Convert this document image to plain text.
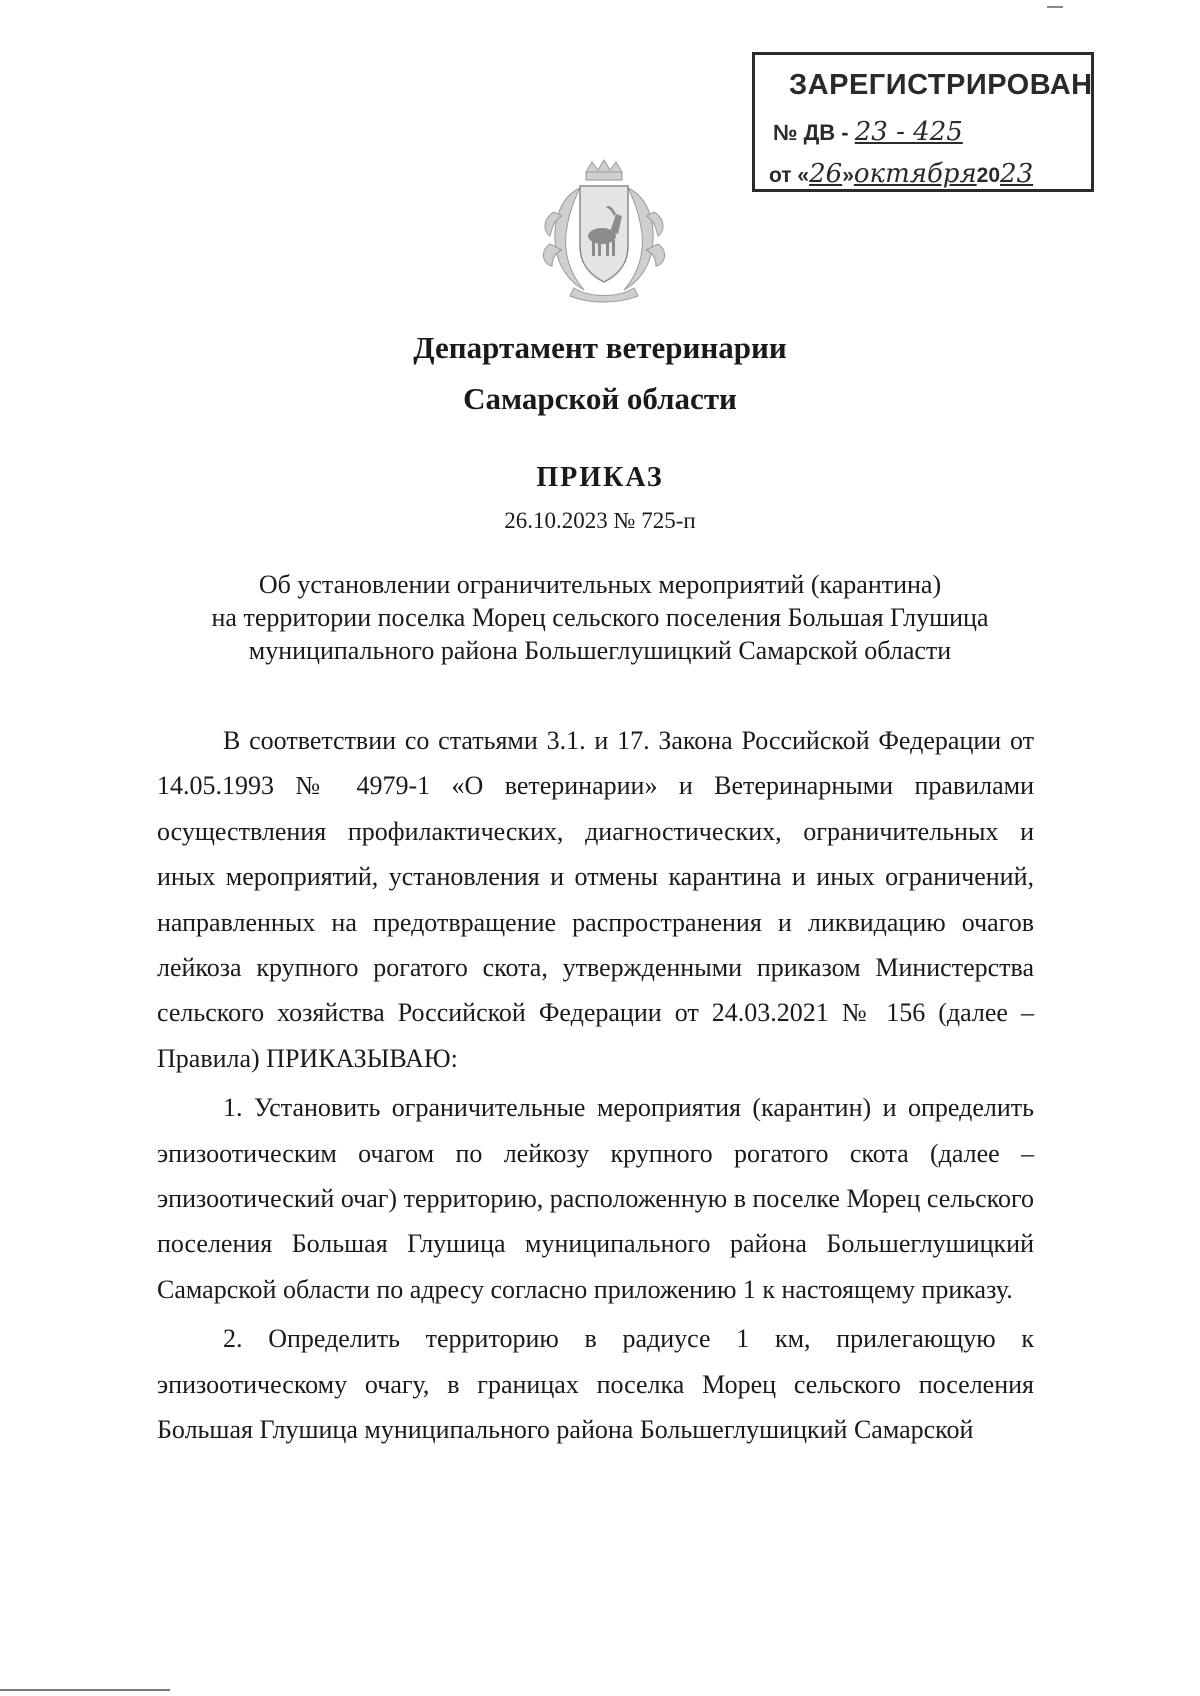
ЗАРЕГИСТРИРОВАН
№ ДВ - 23 - 425
от «26»октября2023
Департамент ветеринарии
Самарской области
ПРИКАЗ
26.10.2023 № 725-п
Об установлении ограничительных мероприятий (карантина)
на территории поселка Морец сельского поселения Большая Глушица
муниципального района Большеглушицкий Самарской области

В соответствии со статьями 3.1. и 17. Закона Российской Федерации от 14.05.1993 № 4979-1 «О ветеринарии» и Ветеринарными правилами осуществления профилактических, диагностических, ограничительных и иных мероприятий, установления и отмены карантина и иных ограничений, направленных на предотвращение распространения и ликвидацию очагов лейкоза крупного рогатого скота, утвержденными приказом Министерства сельского хозяйства Российской Федерации от 24.03.2021 № 156 (далее – Правила) ПРИКАЗЫВАЮ:

1. Установить ограничительные мероприятия (карантин) и определить эпизоотическим очагом по лейкозу крупного рогатого скота (далее – эпизоотический очаг) территорию, расположенную в поселке Морец сельского поселения Большая Глушица муниципального района Большеглушицкий Самарской области по адресу согласно приложению 1 к настоящему приказу.

2. Определить территорию в радиусе 1 км, прилегающую к эпизоотическому очагу, в границах поселка Морец сельского поселения Большая Глушица муниципального района Большеглушицкий Самарской
